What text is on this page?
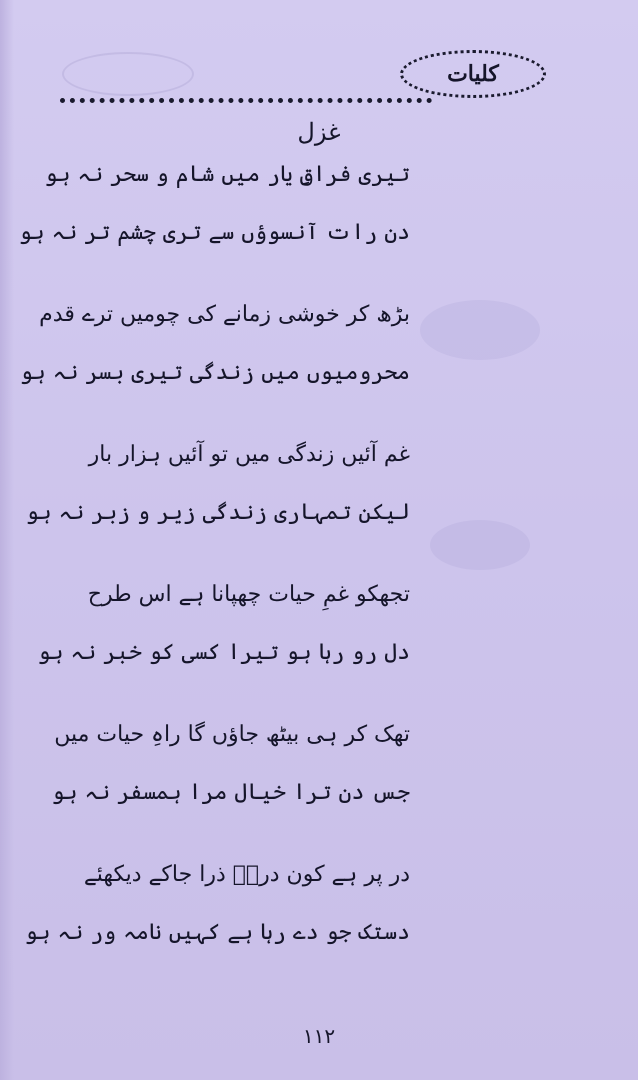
کلیات
غزل
تیری فراقِ یار میں شام و سحر نہ ہو
دن رات آنسوؤں سے تری چشم تر نہ ہو
بڑھ کر خوشی زمانے کی چومیں ترے قدم
محرومیوں میں زندگی تیری بسر نہ ہو
غم آئیں زندگی میں تو آئیں ہزار بار
لیکن تمہاری زندگی زیر و زبر نہ ہو
تجھکو غمِ حیات چھپانا ہے اس طرح
دل رو رہا ہو تیرا کسی کو خبر نہ ہو
تھک کر ہی بیٹھ جاؤں گا راہِ حیات میں
جس دن ترا خیال مرا ہمسفر نہ ہو
در پر ہے کون دردؔ ذرا جاکے دیکھئے
دستک جو دے رہا ہے کہیں نامہ ور نہ ہو
۱۱۲
